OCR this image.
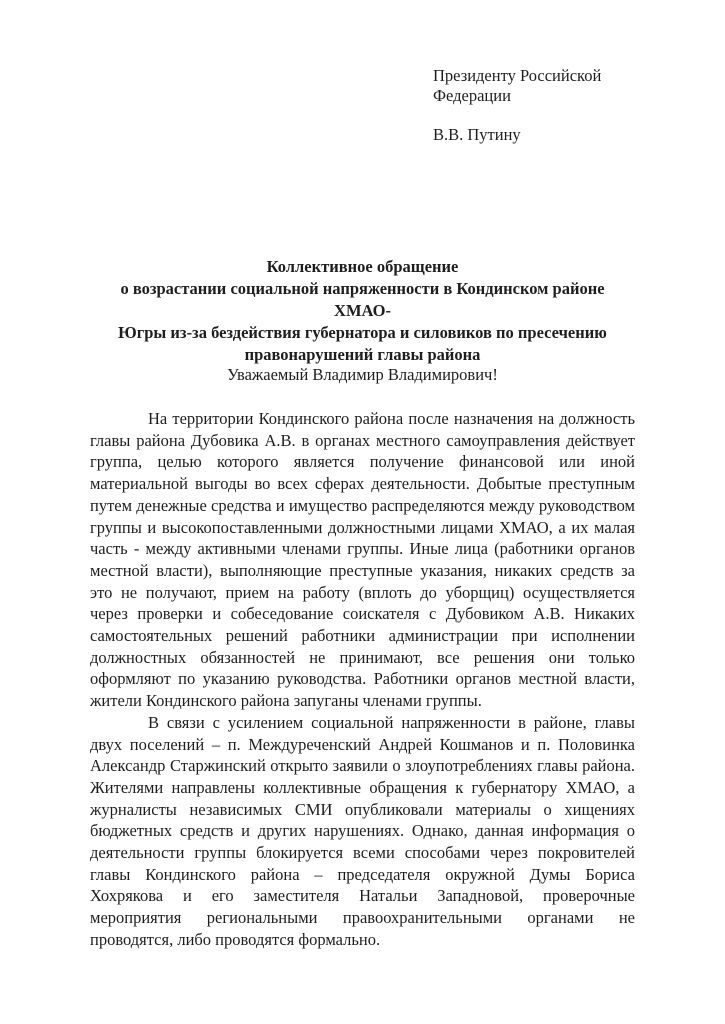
Президенту Российской
Федерации
В.В. Путину
Коллективное обращение
о возрастании социальной напряженности в Кондинском районе ХМАО-
Югры из-за бездействия губернатора и силовиков по пресечению
правонарушений главы района
Уважаемый Владимир Владимирович!

На территории Кондинского района после назначения на должность главы района Дубовика А.В. в органах местного самоуправления действует группа, целью которого является получение финансовой или иной материальной выгоды во всех сферах деятельности. Добытые преступным путем денежные средства и имущество распределяются между руководством группы и высокопоставленными должностными лицами ХМАО, а их малая часть - между активными членами группы. Иные лица (работники органов местной власти), выполняющие преступные указания, никаких средств за это не получают, прием на работу (вплоть до уборщиц) осуществляется через проверки и собеседование соискателя с Дубовиком А.В. Никаких самостоятельных решений работники администрации при исполнении должностных обязанностей не принимают, все решения они только оформляют по указанию руководства. Работники органов местной власти, жители Кондинского района запуганы членами группы.

В связи с усилением социальной напряженности в районе, главы двух поселений – п. Междуреченский Андрей Кошманов и п. Половинка Александр Старжинский открыто заявили о злоупотреблениях главы района. Жителями направлены коллективные обращения к губернатору ХМАО, а журналисты независимых СМИ опубликовали материалы о хищениях бюджетных средств и других нарушениях. Однако, данная информация о деятельности группы блокируется всеми способами через покровителей главы Кондинского района – председателя окружной Думы Бориса Хохрякова и его заместителя Натальи Западновой, проверочные мероприятия региональными правоохранительными органами не проводятся, либо проводятся формально.
